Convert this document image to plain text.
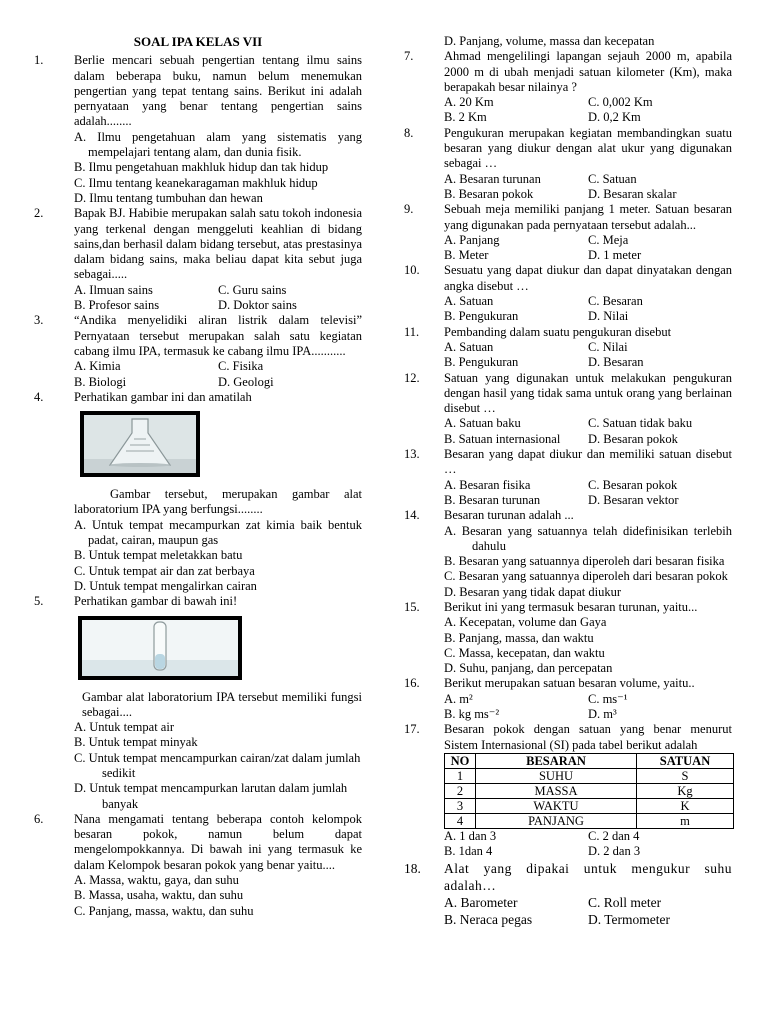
SOAL IPA KELAS VII
1.	Berlie mencari sebuah pengertian tentang ilmu sains dalam beberapa buku, namun belum menemukan pengertian yang tepat tentang sains. Berikut ini adalah pernyataan yang benar tentang pengertian sains adalah........
A. Ilmu pengetahuan alam yang sistematis yang mempelajari tentang alam, dan dunia fisik.
B. Ilmu pengetahuan makhluk hidup dan tak hidup
C. Ilmu tentang keanekaragaman makhluk hidup
D. Ilmu tentang tumbuhan dan hewan
2.	Bapak BJ. Habibie merupakan salah satu tokoh indonesia yang terkenal dengan menggeluti keahlian di bidang sains,dan berhasil dalam bidang tersebut, atas prestasinya dalam bidang sains, maka beliau dapat kita sebut juga sebagai.....
A. Ilmuan sains	C. Guru sains
B. Profesor sains	D. Doktor sains
3.	“Andika menyelidiki aliran listrik dalam televisi” Pernyataan tersebut merupakan salah satu kegiatan cabang ilmu IPA, termasuk ke cabang ilmu IPA...........
A. Kimia	C. Fisika
B. Biologi	D. Geologi
4.	Perhatikan gambar ini dan amatilah
Gambar tersebut, merupakan gambar alat laboratorium IPA yang berfungsi........
A. Untuk tempat mecampurkan zat kimia baik bentuk padat, cairan, maupun gas
B. Untuk tempat meletakkan batu
C. Untuk tempat air dan zat berbaya
D. Untuk tempat mengalirkan cairan
5.	Perhatikan gambar di bawah ini!
Gambar alat laboratorium IPA tersebut memiliki fungsi sebagai....
A. Untuk tempat air
B. Untuk tempat minyak
C. Untuk tempat mencampurkan cairan/zat dalam jumlah sedikit
D. Untuk tempat mencampurkan larutan dalam jumlah banyak
6.	Nana mengamati tentang beberapa contoh kelompok besaran pokok, namun belum dapat mengelompokkannya. Di bawah ini yang termasuk ke dalam Kelompok besaran pokok yang benar yaitu....
A. Massa, waktu, gaya, dan suhu
B. Massa, usaha, waktu, dan suhu
C. Panjang, massa, waktu, dan suhu
D. Panjang, volume, massa dan kecepatan
7.	Ahmad mengelilingi lapangan sejauh 2000 m, apabila 2000 m di ubah menjadi satuan kilometer (Km), maka berapakah besar nilainya ?
A. 20 Km	C. 0,002 Km
B. 2 Km	D. 0,2 Km
8.	Pengukuran merupakan kegiatan membandingkan suatu besaran yang diukur dengan alat ukur yang digunakan sebagai …
A. Besaran turunan	C. Satuan
B. Besaran pokok	D. Besaran skalar
9.	Sebuah meja memiliki panjang 1 meter. Satuan besaran yang digunakan pada pernyataan tersebut adalah...
A. Panjang	C. Meja
B. Meter	D. 1 meter
10.	Sesuatu yang dapat diukur dan dapat dinyatakan dengan angka disebut …
A. Satuan	C. Besaran
B. Pengukuran	D. Nilai
11.	Pembanding dalam suatu pengukuran disebut
A. Satuan	C. Nilai
B. Pengukuran	D. Besaran
12.	Satuan yang digunakan untuk melakukan pengukuran dengan hasil yang tidak sama untuk orang yang berlainan disebut …
A. Satuan baku	C. Satuan tidak baku
B. Satuan internasional	D. Besaran pokok
13.	Besaran yang dapat diukur dan memiliki satuan disebut …
A. Besaran fisika	C. Besaran pokok
B. Besaran turunan	D. Besaran vektor
14.	Besaran turunan adalah ...
A. Besaran yang satuannya telah didefinisikan terlebih dahulu
B. Besaran yang satuannya diperoleh dari besaran fisika
C. Besaran yang satuannya diperoleh dari besaran pokok
D. Besaran yang tidak dapat diukur
15.	Berikut ini yang termasuk besaran turunan, yaitu...
A. Kecepatan, volume dan Gaya
B. Panjang, massa, dan waktu
C. Massa, kecepatan, dan waktu
D. Suhu, panjang, dan percepatan
16.	Berikut merupakan satuan besaran volume, yaitu..
A. m²	C. ms⁻¹
B. kg ms⁻²	D. m³
17.	Besaran pokok dengan satuan yang benar menurut Sistem Internasional (SI) pada tabel berikut adalah
NO	BESARAN	SATUAN
1	SUHU	S
2	MASSA	Kg
3	WAKTU	K
4	PANJANG	m
A. 1 dan 3	C. 2 dan 4
B. 1dan 4	D. 2 dan 3
18.	Alat yang dipakai untuk mengukur suhu adalah…
A. Barometer	C. Roll meter
B. Neraca pegas	D. Termometer
